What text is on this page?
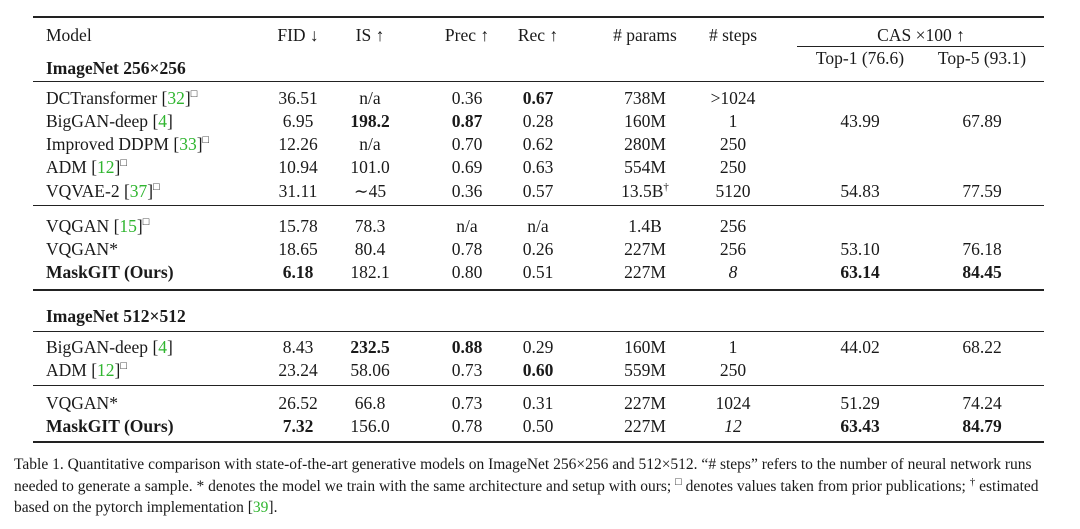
Model	FID ↓ IS ↑	Prec ↑ Rec ↑	# params # steps	CAS ×100 ↑
Top-1 (76.6) Top-5 (93.1)
ImageNet 256×256
DCTransformer [32]□	36.51 n/a	0.36 0.67	738M	>1024
BigGAN-deep [4]	6.95 198.2	0.87 0.28	160M	1	43.99	67.89
Improved DDPM [33]□	12.26 n/a	0.70 0.62	280M	250
ADM [12]□	10.94 101.0	0.69 0.63	554M	250
VQVAE-2 [37]□	31.11 ∼45	0.36 0.57	13.5B†	5120	54.83	77.59
VQGAN [15]□	15.78 78.3	n/a	n/a	1.4B	256
VQGAN*	18.65 80.4	0.78 0.26	227M	256	53.10	76.18
MaskGIT (Ours)	6.18 182.1	0.80 0.51	227M	8	63.14	84.45
ImageNet 512×512
BigGAN-deep [4]	8.43 232.5	0.88 0.29	160M	1	44.02	68.22
ADM [12]□	23.24 58.06	0.73 0.60	559M	250
VQGAN*	26.52 66.8	0.73 0.31	227M	1024	51.29	74.24
MaskGIT (Ours)	7.32 156.0	0.78 0.50	227M	12	63.43	84.79
Table 1. Quantitative comparison with state-of-the-art generative models on ImageNet 256×256 and 512×512. “# steps” refers to the number of neural network runs needed to generate a sample. * denotes the model we train with the same architecture and setup with ours; □ denotes values taken from prior publications; † estimated based on the pytorch implementation [39].
